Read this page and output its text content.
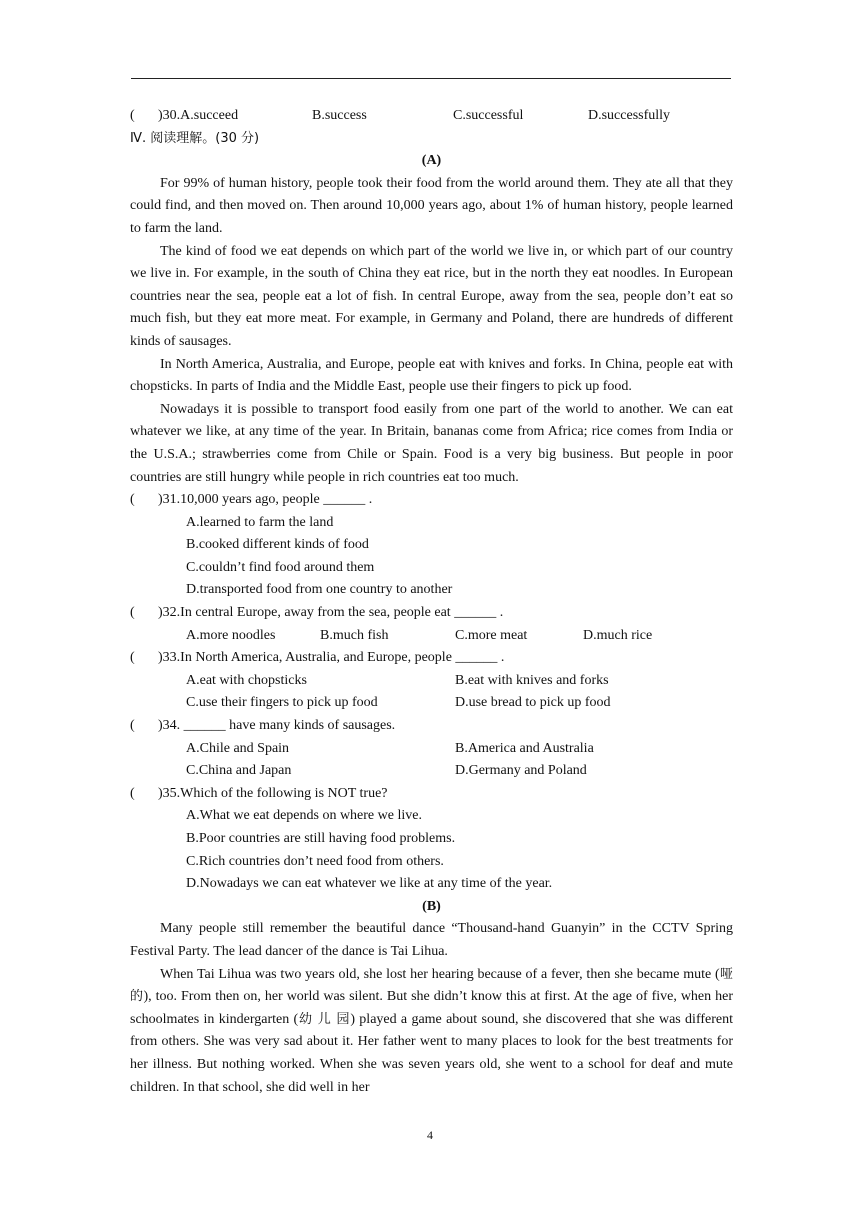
( )30.A.succeed	B.success	C.successful	D.successfully
Ⅳ. 阅读理解。(30 分)
(A)

For 99% of human history, people took their food from the world around them. They ate all that they could find, and then moved on. Then around 10,000 years ago, about 1% of human history, people learned to farm the land.

The kind of food we eat depends on which part of the world we live in, or which part of our country we live in. For example, in the south of China they eat rice, but in the north they eat noodles. In European countries near the sea, people eat a lot of fish. In central Europe, away from the sea, people don’t eat so much fish, but they eat more meat. For example, in Germany and Poland, there are hundreds of different kinds of sausages.

In North America, Australia, and Europe, people eat with knives and forks. In China, people eat with chopsticks. In parts of India and the Middle East, people use their fingers to pick up food.

Nowadays it is possible to transport food easily from one part of the world to another. We can eat whatever we like, at any time of the year. In Britain, bananas come from Africa; rice comes from India or the U.S.A.; strawberries come from Chile or Spain. Food is a very big business. But people in poor countries are still hungry while people in rich countries eat too much.

( )31.10,000 years ago, people ______ .
A.learned to farm the land
B.cooked different kinds of food
C.couldn’t find food around them
D.transported food from one country to another
( )32.In central Europe, away from the sea, people eat ______ .
A.more noodles	B.much fish	C.more meat	D.much rice
( )33.In North America, Australia, and Europe, people ______ .
A.eat with chopsticks	B.eat with knives and forks
C.use their fingers to pick up food	D.use bread to pick up food
( )34. ______ have many kinds of sausages.
A.Chile and Spain	B.America and Australia
C.China and Japan	D.Germany and Poland
( )35.Which of the following is NOT true?
A.What we eat depends on where we live.
B.Poor countries are still having food problems.
C.Rich countries don’t need food from others.
D.Nowadays we can eat whatever we like at any time of the year.
(B)

Many people still remember the beautiful dance “Thousand-hand Guanyin” in the CCTV Spring Festival Party. The lead dancer of the dance is Tai Lihua.

When Tai Lihua was two years old, she lost her hearing because of a fever, then she became mute (哑的), too. From then on, her world was silent. But she didn’t know this at first. At the age of five, when her schoolmates in kindergarten (幼 儿 园) played a game about sound, she discovered that she was different from others. She was very sad about it. Her father went to many places to look for the best treatments for her illness. But nothing worked. When she was seven years old, she went to a school for deaf and mute children. In that school, she did well in her

4
